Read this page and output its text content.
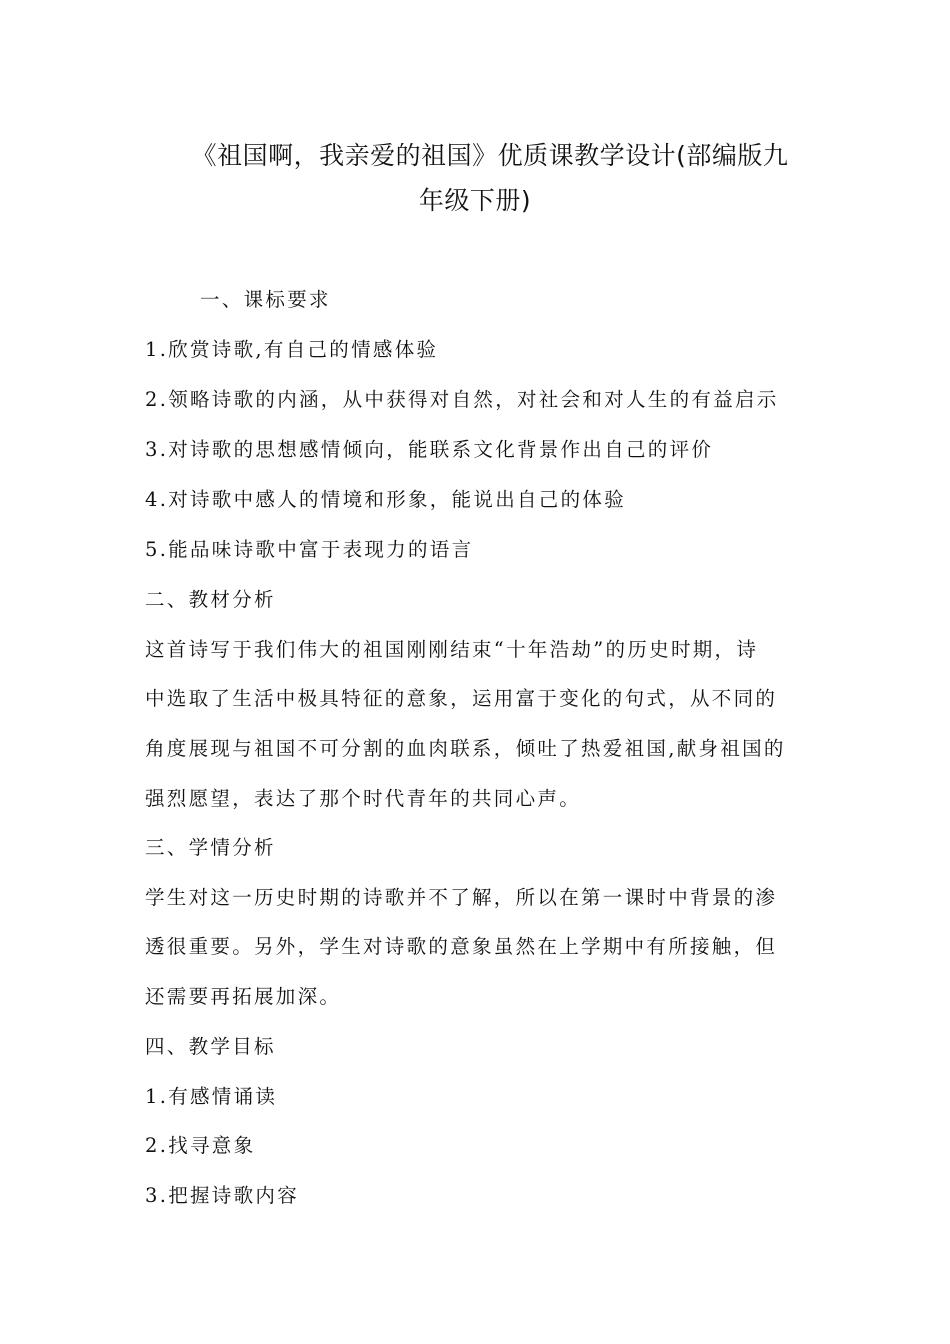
《祖国啊，我亲爱的祖国》优质课教学设计(部编版九
年级下册)
一、课标要求
1.欣赏诗歌,有自己的情感体验
2.领略诗歌的内涵，从中获得对自然，对社会和对人生的有益启示
3.对诗歌的思想感情倾向，能联系文化背景作出自己的评价
4.对诗歌中感人的情境和形象，能说出自己的体验
5.能品味诗歌中富于表现力的语言
二、教材分析
这首诗写于我们伟大的祖国刚刚结束“十年浩劫”的历史时期，诗
中选取了生活中极具特征的意象，运用富于变化的句式，从不同的
角度展现与祖国不可分割的血肉联系，倾吐了热爱祖国,献身祖国的
强烈愿望，表达了那个时代青年的共同心声。
三、学情分析
学生对这一历史时期的诗歌并不了解，所以在第一课时中背景的渗
透很重要。另外，学生对诗歌的意象虽然在上学期中有所接触，但
还需要再拓展加深。
四、教学目标
1.有感情诵读
2.找寻意象
3.把握诗歌内容
